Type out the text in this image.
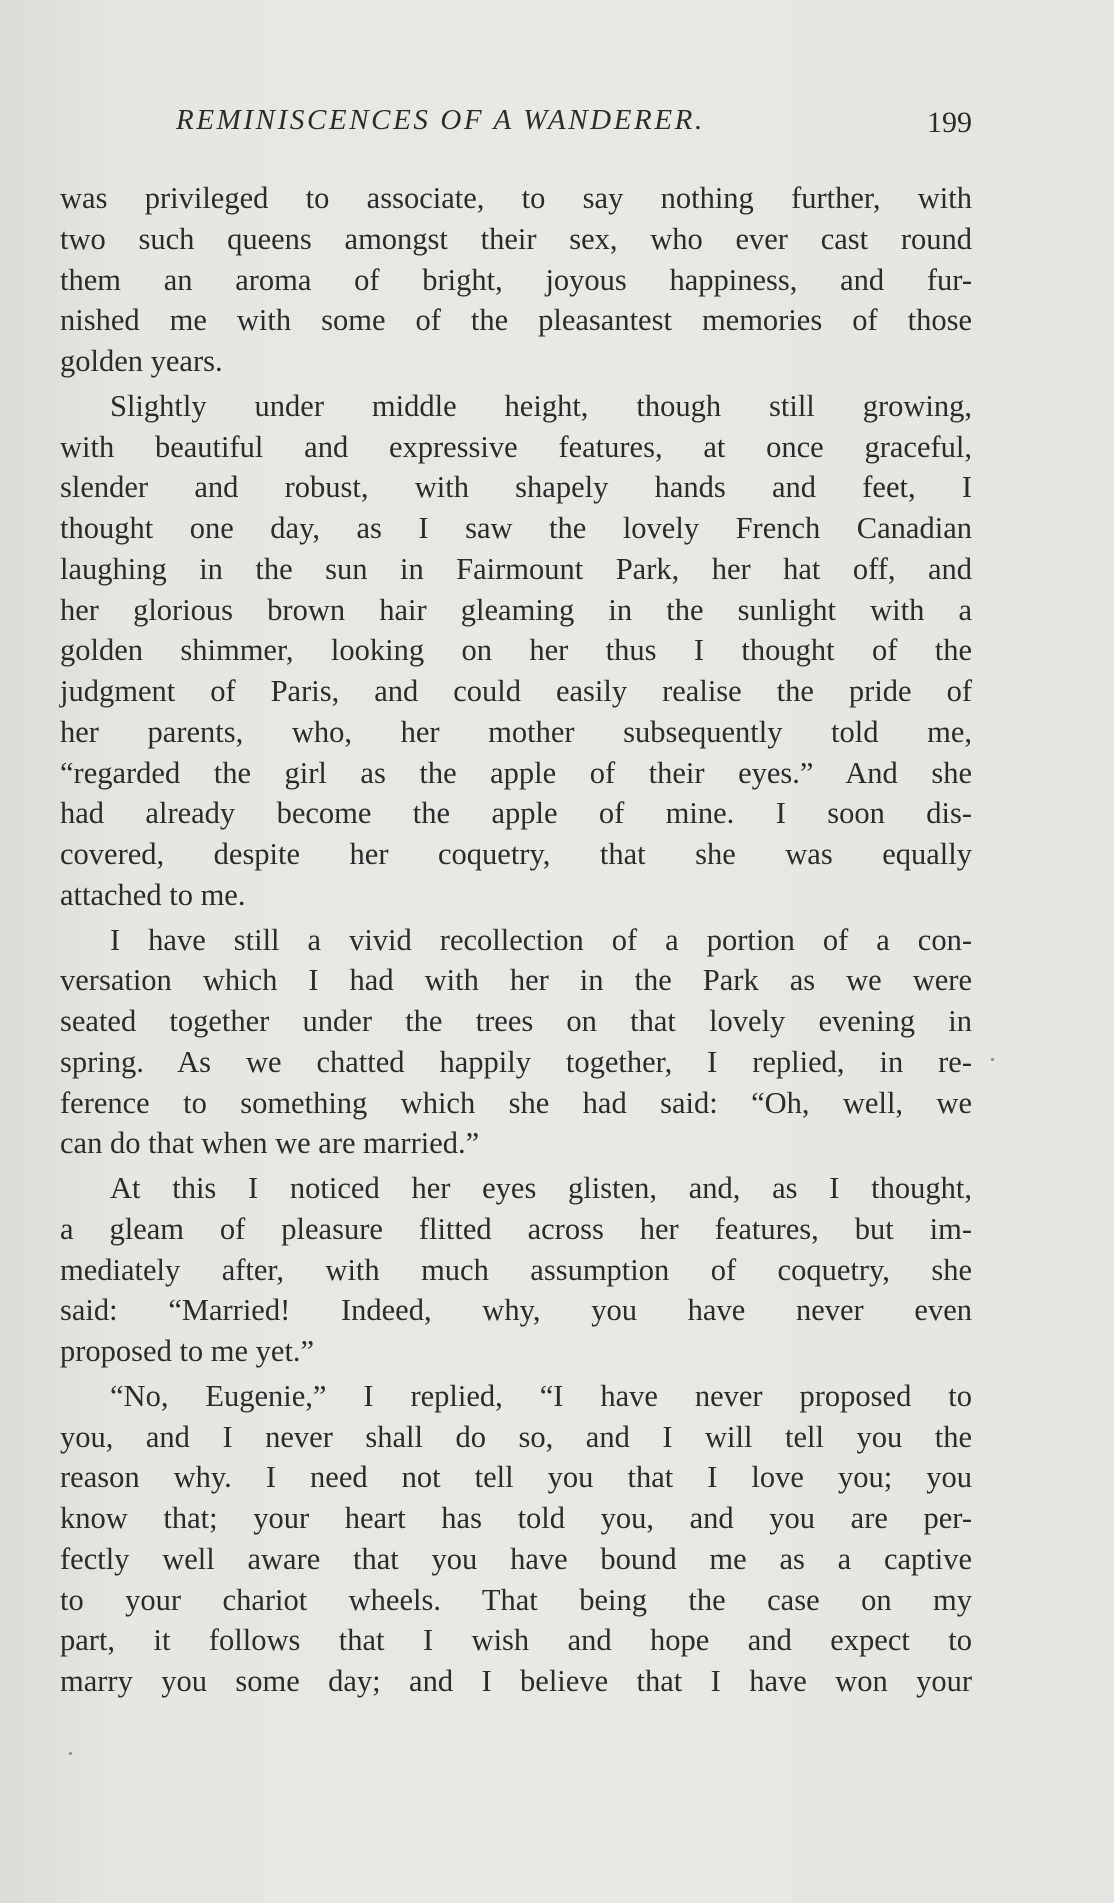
REMINISCENCES OF A WANDERER.	199
was privileged to associate, to say nothing further, with
two such queens amongst their sex, who ever cast round
them an aroma of bright, joyous happiness, and fur-
nished me with some of the pleasantest memories of those
golden years.
Slightly under middle height, though still growing,
with beautiful and expressive features, at once graceful,
slender and robust, with shapely hands and feet, I
thought one day, as I saw the lovely French Canadian
laughing in the sun in Fairmount Park, her hat off, and
her glorious brown hair gleaming in the sunlight with a
golden shimmer, looking on her thus I thought of the
judgment of Paris, and could easily realise the pride of
her parents, who, her mother subsequently told me,
“regarded the girl as the apple of their eyes.” And she
had already become the apple of mine. I soon dis-
covered, despite her coquetry, that she was equally
attached to me.
I have still a vivid recollection of a portion of a con-
versation which I had with her in the Park as we were
seated together under the trees on that lovely evening in
spring. As we chatted happily together, I replied, in re-
ference to something which she had said: “Oh, well, we
can do that when we are married.”
At this I noticed her eyes glisten, and, as I thought,
a gleam of pleasure flitted across her features, but im-
mediately after, with much assumption of coquetry, she
said: “Married! Indeed, why, you have never even
proposed to me yet.”
“No, Eugenie,” I replied, “I have never proposed to
you, and I never shall do so, and I will tell you the
reason why. I need not tell you that I love you; you
know that; your heart has told you, and you are per-
fectly well aware that you have bound me as a captive
to your chariot wheels. That being the case on my
part, it follows that I wish and hope and expect to
marry you some day; and I believe that I have won your
